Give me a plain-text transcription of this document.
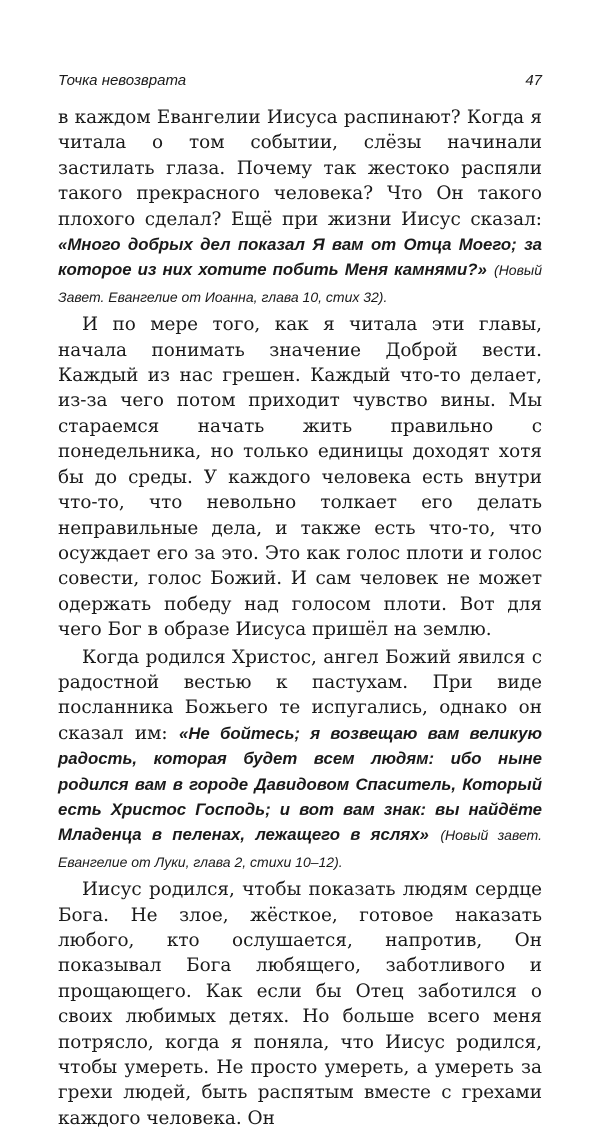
Точка невозврата	47

в каждом Евангелии Иисуса распинают? Когда я читала о том событии, слёзы начинали застилать глаза. Почему так жестоко распяли такого прекрасного человека? Что Он такого плохого сделал? Ещё при жизни Иисус сказал: «Много добрых дел показал Я вам от Отца Моего; за которое из них хотите побить Меня камнями?» (Новый Завет. Евангелие от Иоанна, глава 10, стих 32).

И по мере того, как я читала эти главы, начала понимать значение Доброй вести. Каждый из нас грешен. Каждый что-то делает, из-за чего потом приходит чувство вины. Мы стараемся начать жить правильно с понедельника, но только единицы доходят хотя бы до среды. У каждого человека есть внутри что-то, что невольно толкает его делать неправильные дела, и также есть что-то, что осуждает его за это. Это как голос плоти и голос совести, голос Божий. И сам человек не может одержать победу над голосом плоти. Вот для чего Бог в образе Иисуса пришёл на землю.

Когда родился Христос, ангел Божий явился с радостной вестью к пастухам. При виде посланника Божьего те испугались, однако он сказал им: «Не бойтесь; я возвещаю вам великую радость, которая будет всем людям: ибо ныне родился вам в городе Давидовом Спаситель, Который есть Христос Господь; и вот вам знак: вы найдёте Младенца в пеленах, лежащего в яслях» (Новый завет. Евангелие от Луки, глава 2, стихи 10–12).

Иисус родился, чтобы показать людям сердце Бога. Не злое, жёсткое, готовое наказать любого, кто ослушается, напротив, Он показывал Бога любящего, заботливого и прощающего. Как если бы Отец заботился о своих любимых детях. Но больше всего меня потрясло, когда я поняла, что Иисус родился, чтобы умереть. Не просто умереть, а умереть за грехи людей, быть распятым вместе с грехами каждого человека. Он
